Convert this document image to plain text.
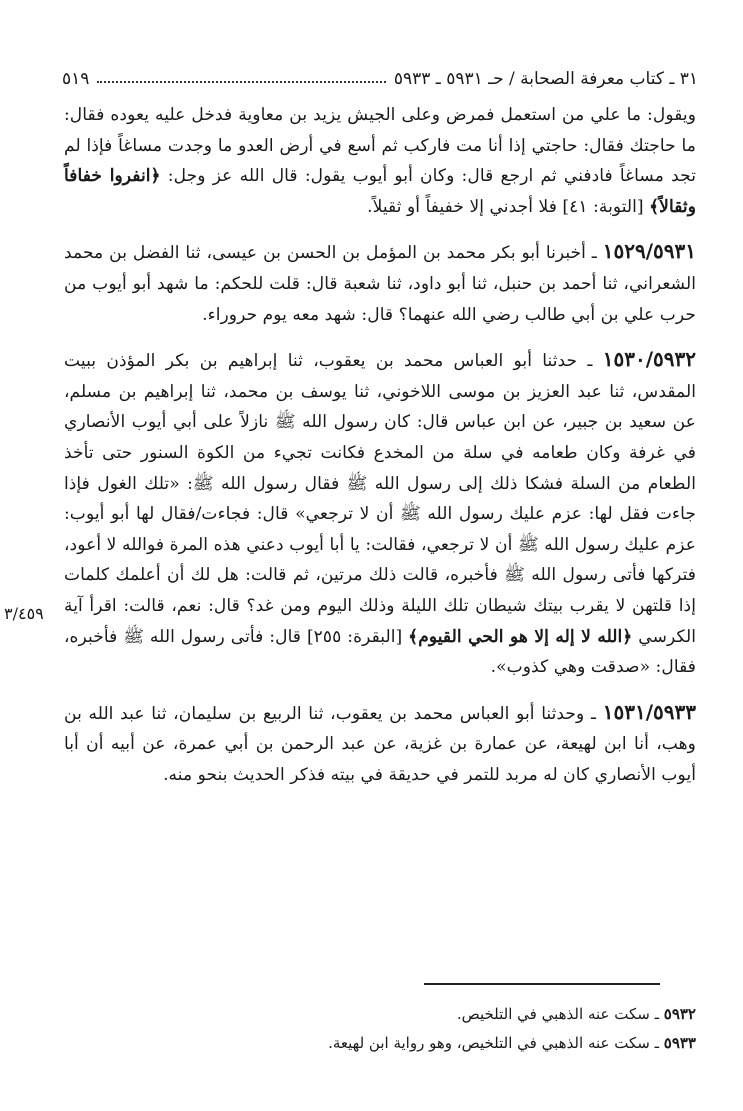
٣١ ـ كتاب معرفة الصحابة / حـ ٥٩٣١ ـ ٥٩٣٣
٥١٩

ويقول: ما علي من استعمل فمرض وعلى الجيش يزيد بن معاوية فدخل عليه يعوده فقال: ما حاجتك فقال: حاجتي إذا أنا مت فاركب ثم أسع في أرض العدو ما وجدت مساغاً فإذا لم تجد مساغاً فادفني ثم ارجع قال: وكان أبو أيوب يقول: قال الله عز وجل: ﴿انفروا خفافاً وثقالاً﴾ [التوبة: ٤١] فلا أجدني إلا خفيفاً أو ثقيلاً.

١٥٢٩/٥٩٣١ ـ أخبرنا أبو بكر محمد بن المؤمل بن الحسن بن عيسى، ثنا الفضل بن محمد الشعراني، ثنا أحمد بن حنبل، ثنا أبو داود، ثنا شعبة قال: قلت للحكم: ما شهد أبو أيوب من حرب علي بن أبي طالب رضي الله عنهما؟ قال: شهد معه يوم حروراء.

١٥٣٠/٥٩٣٢ ـ حدثنا أبو العباس محمد بن يعقوب، ثنا إبراهيم بن بكر المؤذن ببيت المقدس، ثنا عبد العزيز بن موسى اللاخوني، ثنا يوسف بن محمد، ثنا إبراهيم بن مسلم، عن سعيد بن جبير، عن ابن عباس قال: كان رسول الله ﷺ نازلاً على أبي أيوب الأنصاري في غرفة وكان طعامه في سلة من المخدع فكانت تجيء من الكوة السنور حتى تأخذ الطعام من السلة فشكا ذلك إلى رسول الله ﷺ فقال رسول الله ﷺ: «تلك الغول فإذا جاءت فقل لها: عزم عليك رسول الله ﷺ أن لا ترجعي» قال: فجاءت/فقال لها أبو أيوب: عزم عليك رسول الله ﷺ أن لا ترجعي، فقالت: يا أبا أيوب دعني هذه المرة فوالله لا أعود، فتركها فأتى رسول الله ﷺ فأخبره، قالت ذلك مرتين، ثم قالت: هل لك أن أعلمك كلمات إذا قلتهن لا يقرب بيتك شيطان تلك الليلة وذلك اليوم ومن غد؟ قال: نعم، قالت: اقرأ آية الكرسي ﴿الله لا إله إلا هو الحي القيوم﴾ [البقرة: ٢٥٥] قال: فأتى رسول الله ﷺ فأخبره، فقال: «صدقت وهي كذوب».

١٥٣١/٥٩٣٣ ـ وحدثنا أبو العباس محمد بن يعقوب، ثنا الربيع بن سليمان، ثنا عبد الله بن وهب، أنا ابن لهيعة، عن عمارة بن غزية، عن عبد الرحمن بن أبي عمرة، عن أبيه أن أبا أيوب الأنصاري كان له مربد للتمر في حديقة في بيته فذكر الحديث بنحو منه.

٣/٤٥٩
٥٩٣٢ ـ سكت عنه الذهبي في التلخيص.
٥٩٣٣ ـ سكت عنه الذهبي في التلخيص، وهو رواية ابن لهيعة.
